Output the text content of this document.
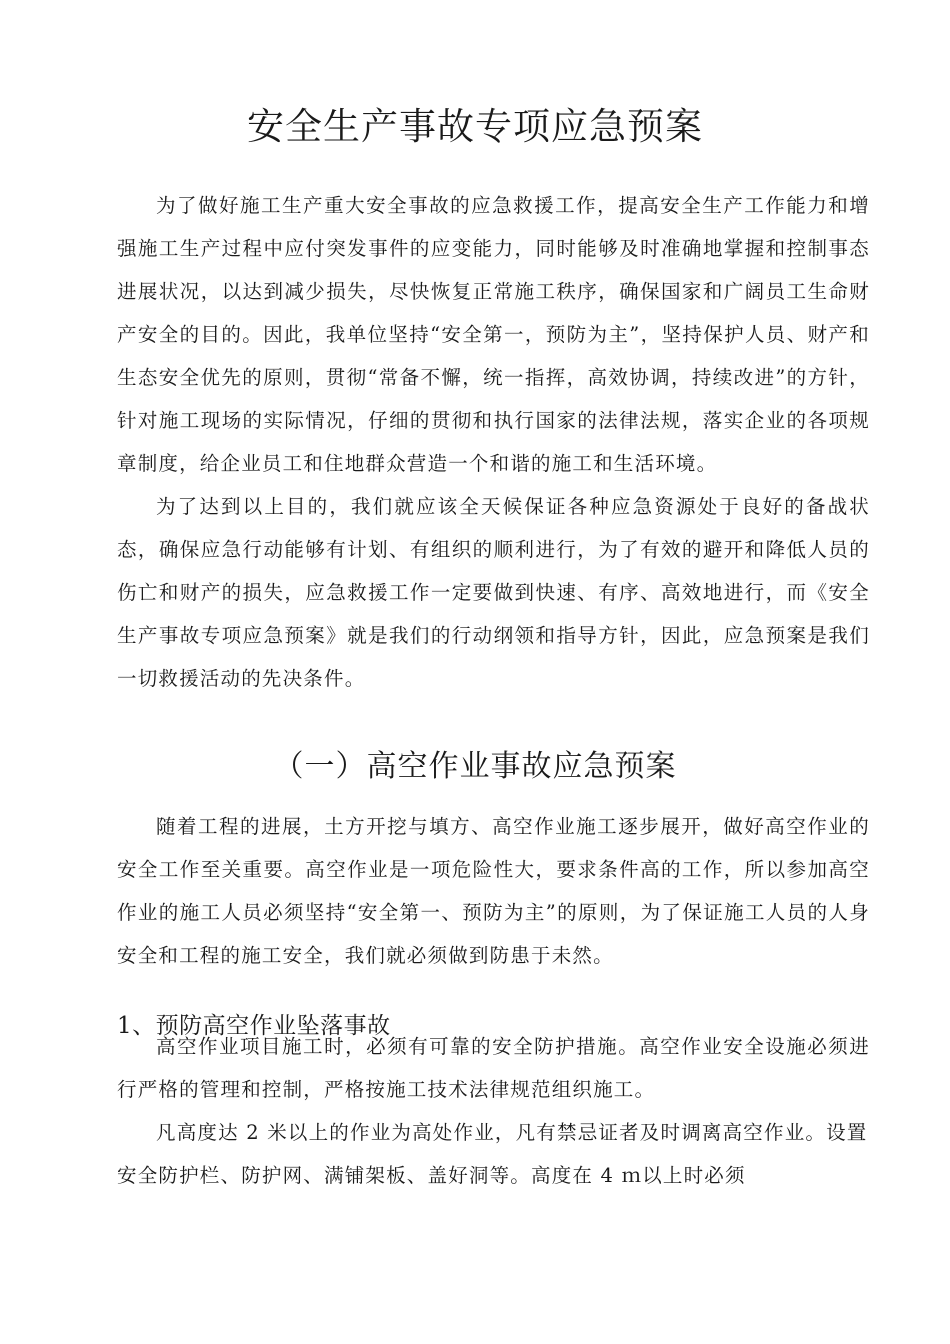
安全生产事故专项应急预案

为了做好施工生产重大安全事故的应急救援工作，提高安全生产工作能力和增强施工生产过程中应付突发事件的应变能力，同时能够及时准确地掌握和控制事态进展状况，以达到减少损失，尽快恢复正常施工秩序，确保国家和广阔员工生命财产安全的目的。因此，我单位坚持“安全第一，预防为主”，坚持保护人员、财产和生态安全优先的原则，贯彻“常备不懈，统一指挥，高效协调，持续改进”的方针，针对施工现场的实际情况，仔细的贯彻和执行国家的法律法规，落实企业的各项规章制度，给企业员工和住地群众营造一个和谐的施工和生活环境。

为了达到以上目的，我们就应该全天候保证各种应急资源处于良好的备战状态，确保应急行动能够有计划、有组织的顺利进行，为了有效的避开和降低人员的伤亡和财产的损失，应急救援工作一定要做到快速、有序、高效地进行，而《安全生产事故专项应急预案》就是我们的行动纲领和指导方针，因此，应急预案是我们一切救援活动的先决条件。

（一）高空作业事故应急预案

随着工程的进展，土方开挖与填方、高空作业施工逐步展开，做好高空作业的安全工作至关重要。高空作业是一项危险性大，要求条件高的工作，所以参加高空作业的施工人员必须坚持“安全第一、预防为主”的原则，为了保证施工人员的人身安全和工程的施工安全，我们就必须做到防患于未然。

1、预防高空作业坠落事故

高空作业项目施工时，必须有可靠的安全防护措施。高空作业安全设施必须进行严格的管理和控制，严格按施工技术法律规范组织施工。

凡高度达 2 米以上的作业为高处作业，凡有禁忌证者及时调离高空作业。设置安全防护栏、防护网、满铺架板、盖好洞等。高度在 4 ｍ以上时必须
